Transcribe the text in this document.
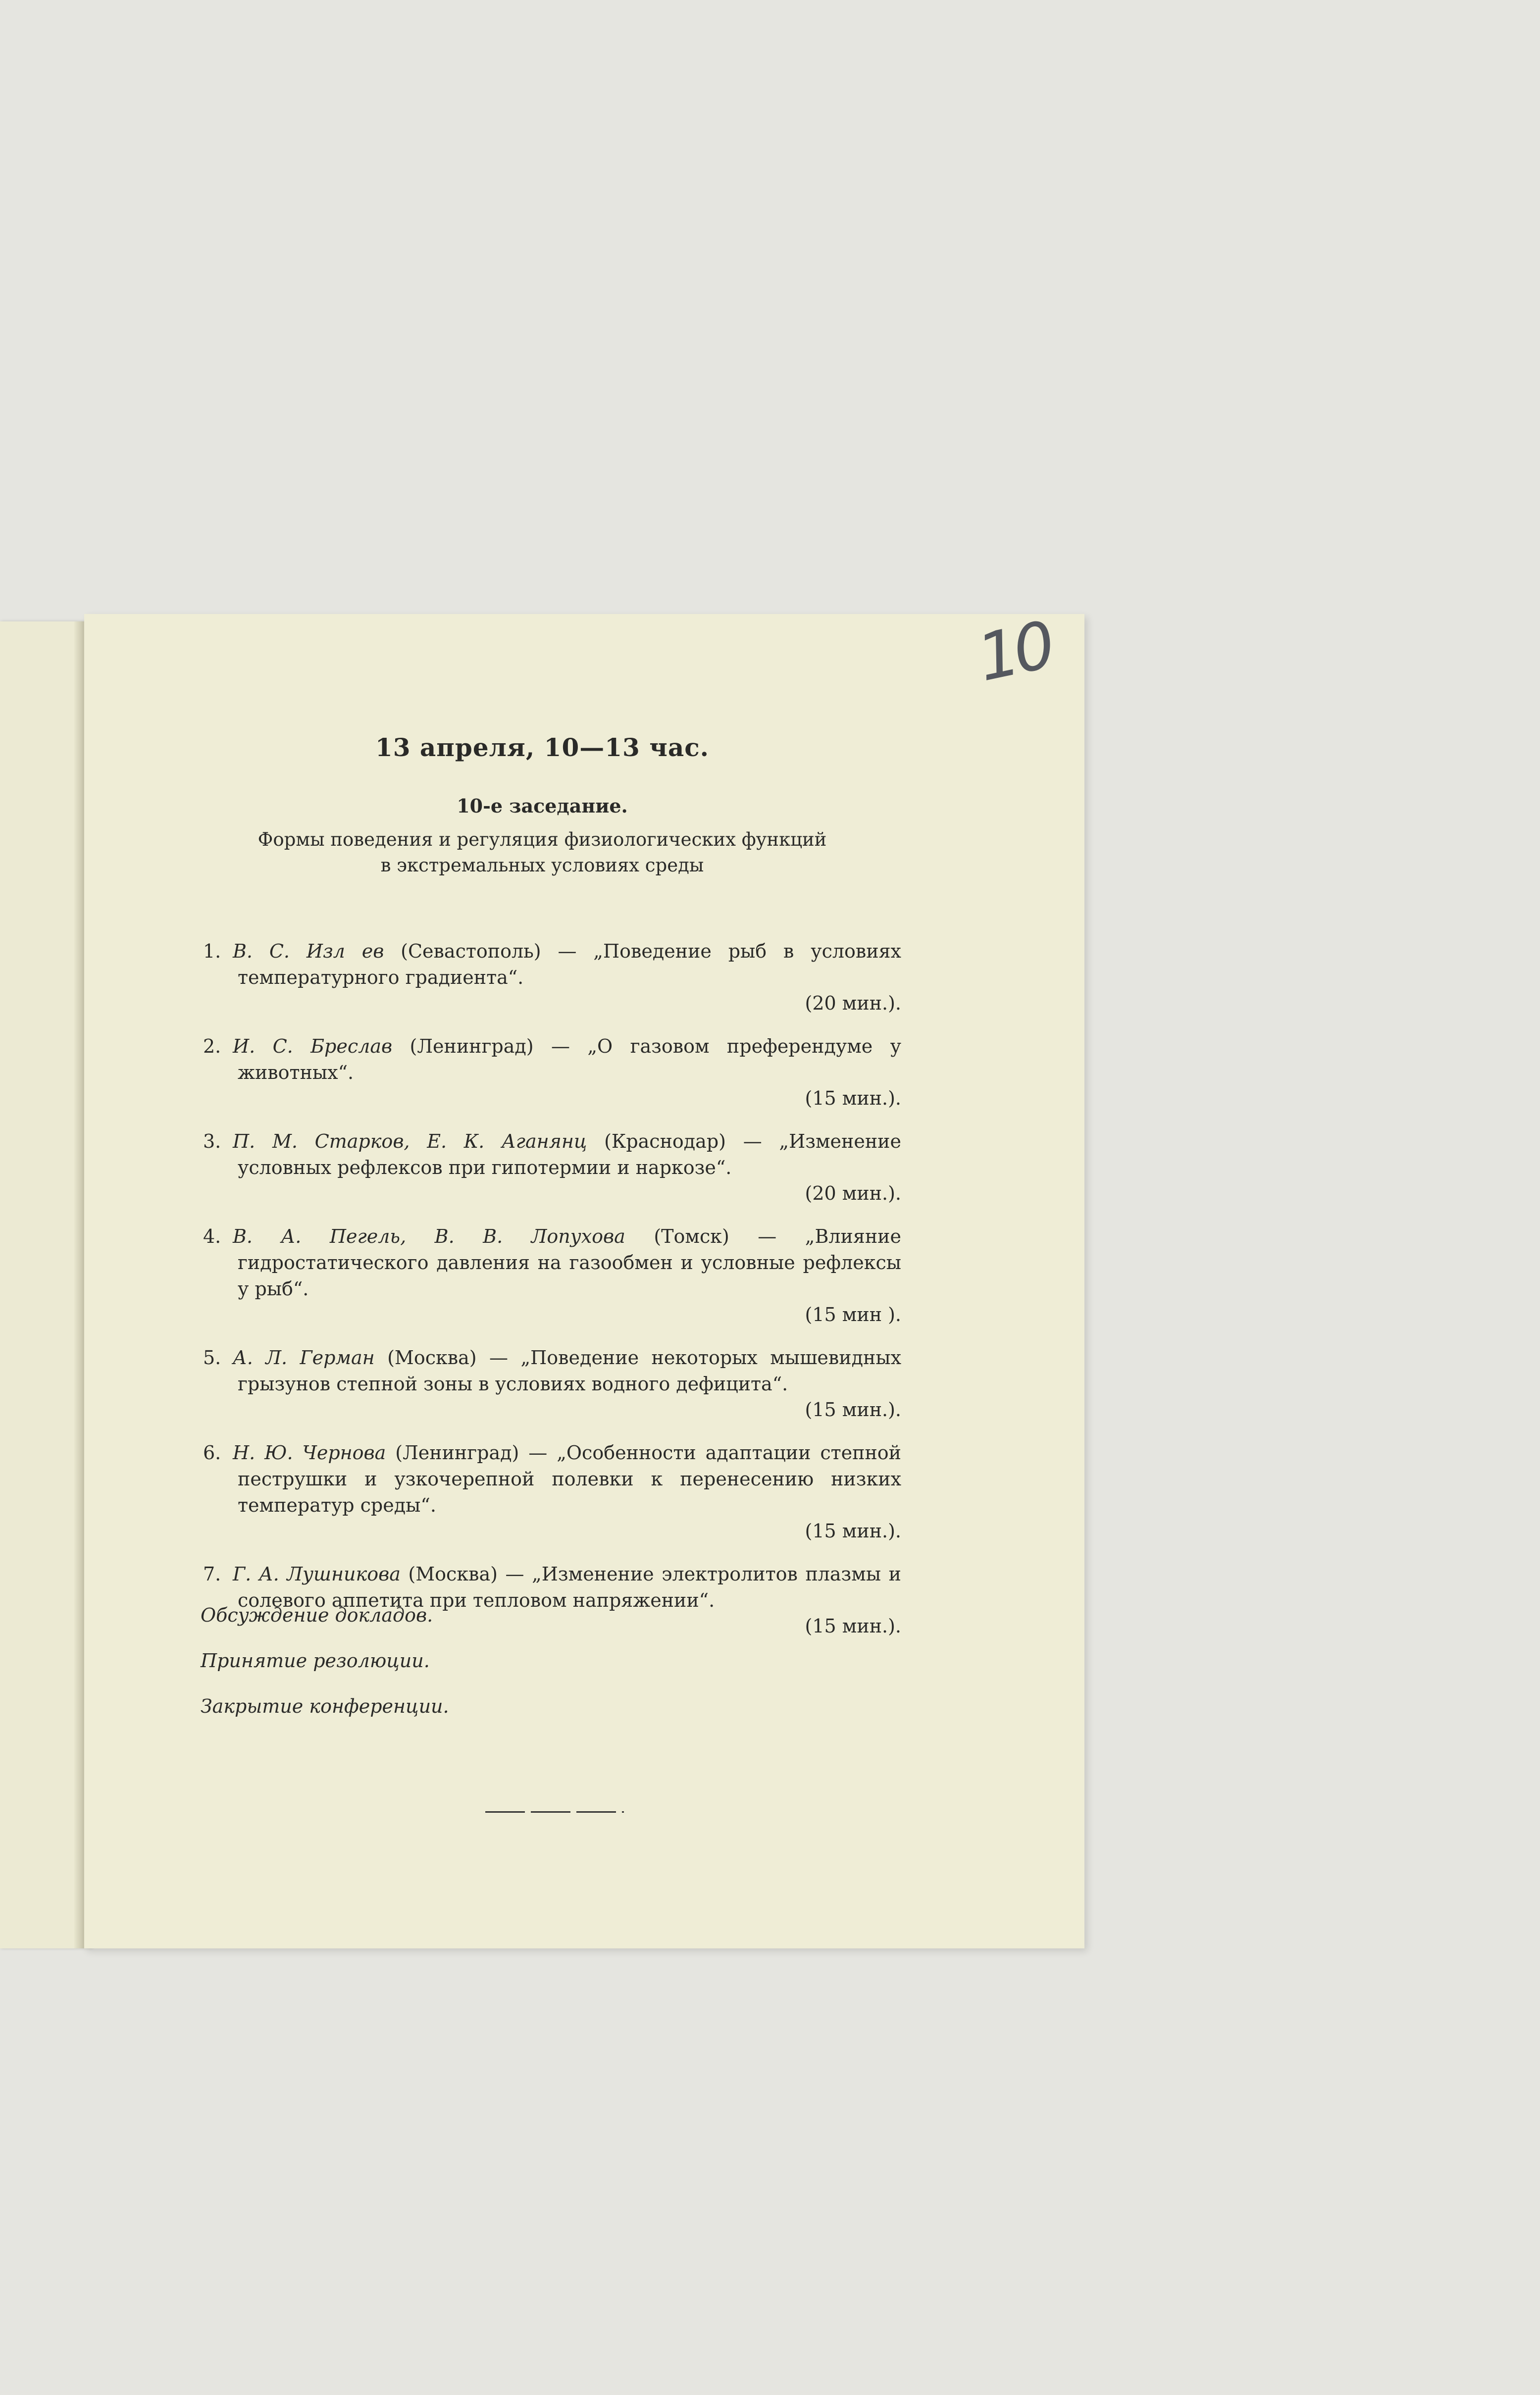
10
13 апреля, 10—13 час.
10-е заседание.
Формы поведения и регуляция физиологических функций
в экстремальных условиях среды
1. В. С. Изл ев (Севастополь) — „Поведение рыб в условиях температурного градиента“.
(20 мин.).
2. И. С. Бреслав (Ленинград) — „О газовом преферендуме у животных“.
(15 мин.).
3. П. М. Старков, Е. К. Аганянц (Краснодар) — „Изменение условных рефлексов при гипотермии и наркозе“.
(20 мин.).
4. В. А. Пегель, В. В. Лопухова (Томск) — „Влияние гидростатического давления на газообмен и условные рефлексы у рыб“.
(15 мин ).
5. А. Л. Герман (Москва) — „Поведение некоторых мышевидных грызунов степной зоны в условиях водного дефицита“.
(15 мин.).
6. Н. Ю. Чернова (Ленинград) — „Особенности адаптации степной пеструшки и узкочерепной полевки к перенесению низких температур среды“.
(15 мин.).
7. Г. А. Лушникова (Москва) — „Изменение электролитов плазмы и солевого аппетита при тепловом напряжении“.
(15 мин.).
Обсуждение докладов.
Принятие резолюции.
Закрытие конференции.
